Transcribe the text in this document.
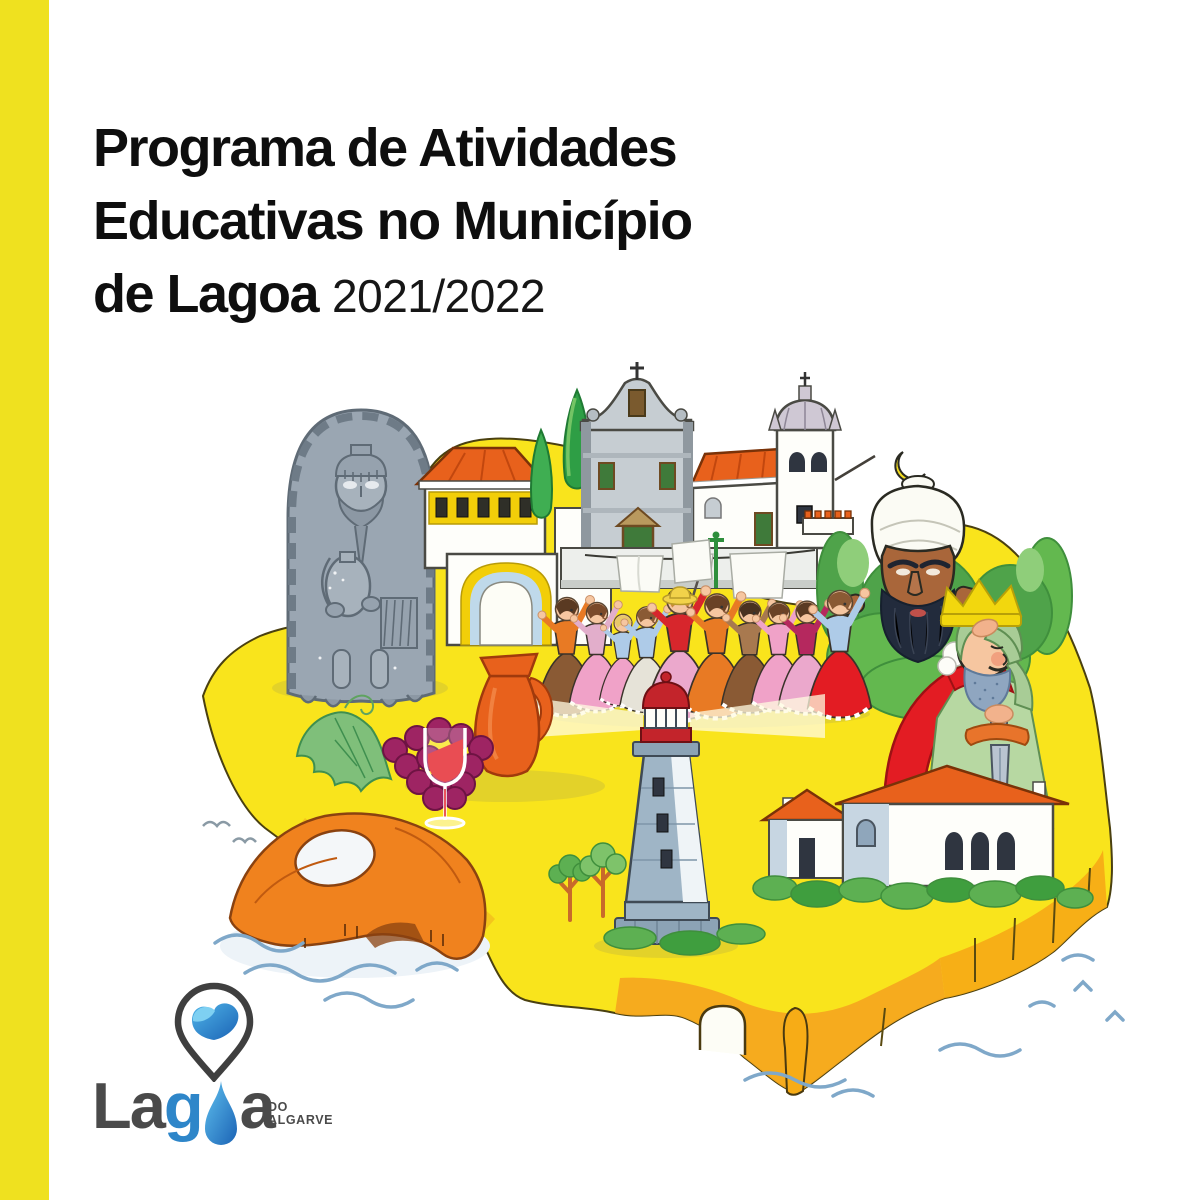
Programa de Atividades
Educativas no Município
de Lagoa 2021/2022
Lag a
DO
ALGARVE
